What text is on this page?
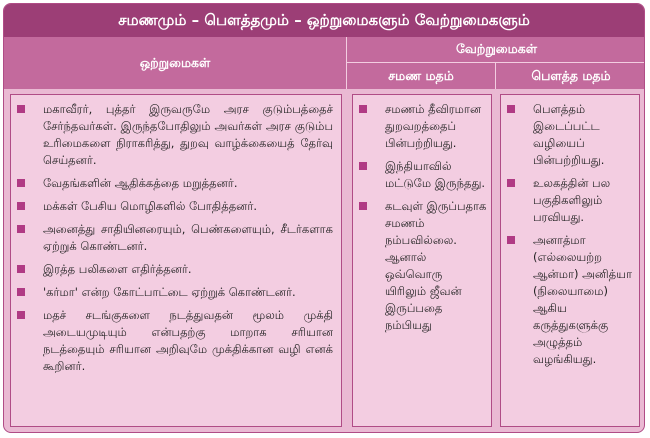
சமணமும் – பௌத்தமும் – ஒற்றுமைகளும் வேற்றுமைகளும்
ஒற்றுமைகள்
வேற்றுமைகள்
சமண மதம்	பௌத்த மதம்
மகாவீரர், புத்தர் இருவருமே அரச குடும்பத்தைச் சேர்ந்தவர்கள். இருந்தபோதிலும் அவர்கள் அரச குடும்ப உரிமைகளை நிராகரித்து, துறவு வாழ்க்கையைத் தேர்வு செய்தனர்.
வேதங்களின் ஆதிக்கத்தை மறுத்தனர்.
மக்கள் பேசிய மொழிகளில் போதித்தனர்.
அனைத்து சாதியினரையும், பெண்களையும், சீடர்களாக ஏற்றுக் கொண்டனர்.
இரத்த பலிகளை எதிர்த்தனர்.
'கர்மா' என்ற கோட்பாட்டை ஏற்றுக் கொண்டனர்.
மதச் சடங்குகளை நடத்துவதன் மூலம் முக்தி அடையமுடியும் என்பதற்கு மாறாக சரியான நடத்தையும் சரியான அறிவுமே முக்திக்கான வழி எனக் கூறினர்.
சமணம் தீவிரமான துறவறத்தைப் பின்பற்றியது.
இந்தியாவில் மட்டுமே இருந்தது.
கடவுள் இருப்பதாக சமணம் நம்பவில்லை. ஆனால் ஒவ்வொரு யிரிலும் ஜீவன் இருப்பதை நம்பியது
பௌத்தம் இடைப்பட்ட வழியைப் பின்பற்றியது.
உலகத்தின் பல பகுதிகளிலும் பரவியது.
அனாத்மா (எல்லையற்ற ஆன்மா) அனித்யா (நிலையாமை) ஆகிய கருத்துகளுக்கு அழுத்தம் வழங்கியது.
